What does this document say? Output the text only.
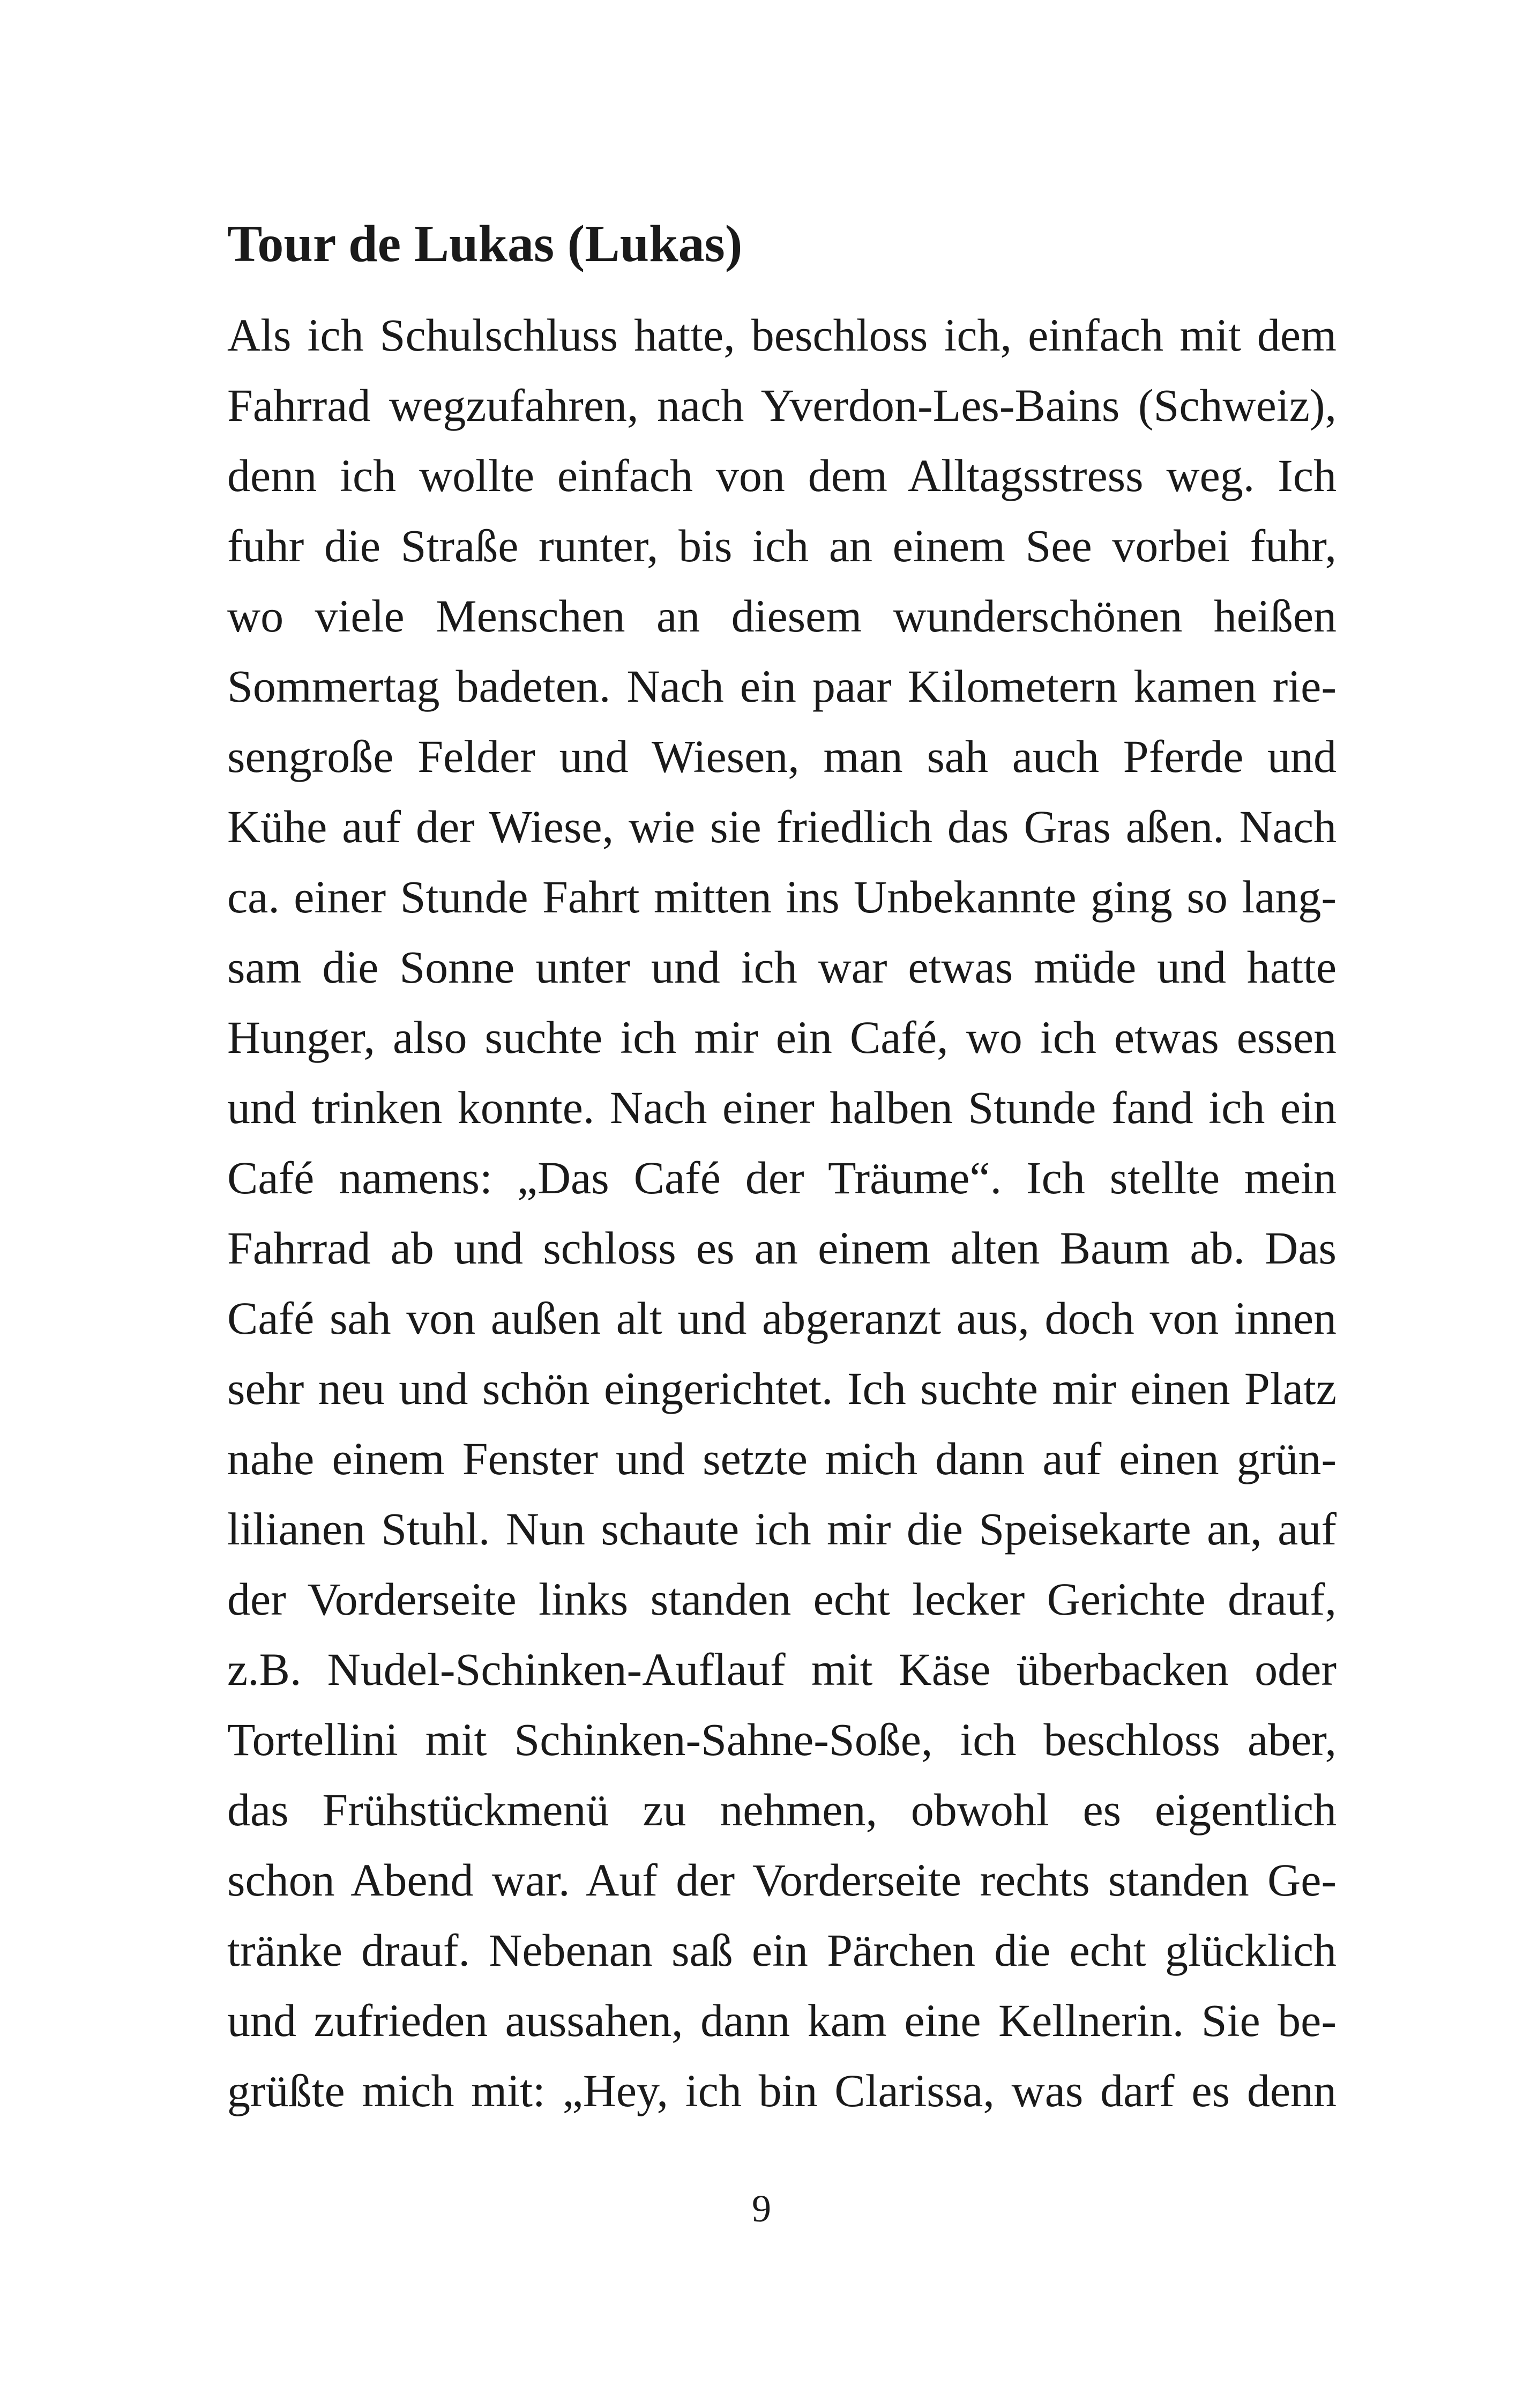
Tour de Lukas (Lukas)
Als ich Schulschluss hatte, beschloss ich, einfach mit dem
Fahrrad wegzufahren, nach Yverdon-Les-Bains (Schweiz),
denn ich wollte einfach von dem Alltagsstress weg. Ich
fuhr die Straße runter, bis ich an einem See vorbei fuhr,
wo viele Menschen an diesem wunderschönen heißen
Sommertag badeten. Nach ein paar Kilometern kamen rie-
sengroße Felder und Wiesen, man sah auch Pferde und
Kühe auf der Wiese, wie sie friedlich das Gras aßen. Nach
ca. einer Stunde Fahrt mitten ins Unbekannte ging so lang-
sam die Sonne unter und ich war etwas müde und hatte
Hunger, also suchte ich mir ein Café, wo ich etwas essen
und trinken konnte. Nach einer halben Stunde fand ich ein
Café namens: „Das Café der Träume“. Ich stellte mein
Fahrrad ab und schloss es an einem alten Baum ab. Das
Café sah von außen alt und abgeranzt aus, doch von innen
sehr neu und schön eingerichtet. Ich suchte mir einen Platz
nahe einem Fenster und setzte mich dann auf einen grün-
lilianen Stuhl. Nun schaute ich mir die Speisekarte an, auf
der Vorderseite links standen echt lecker Gerichte drauf,
z.B. Nudel-Schinken-Auflauf mit Käse überbacken oder
Tortellini mit Schinken-Sahne-Soße, ich beschloss aber,
das Frühstückmenü zu nehmen, obwohl es eigentlich
schon Abend war. Auf der Vorderseite rechts standen Ge-
tränke drauf. Nebenan saß ein Pärchen die echt glücklich
und zufrieden aussahen, dann kam eine Kellnerin. Sie be-
grüßte mich mit: „Hey, ich bin Clarissa, was darf es denn
9
